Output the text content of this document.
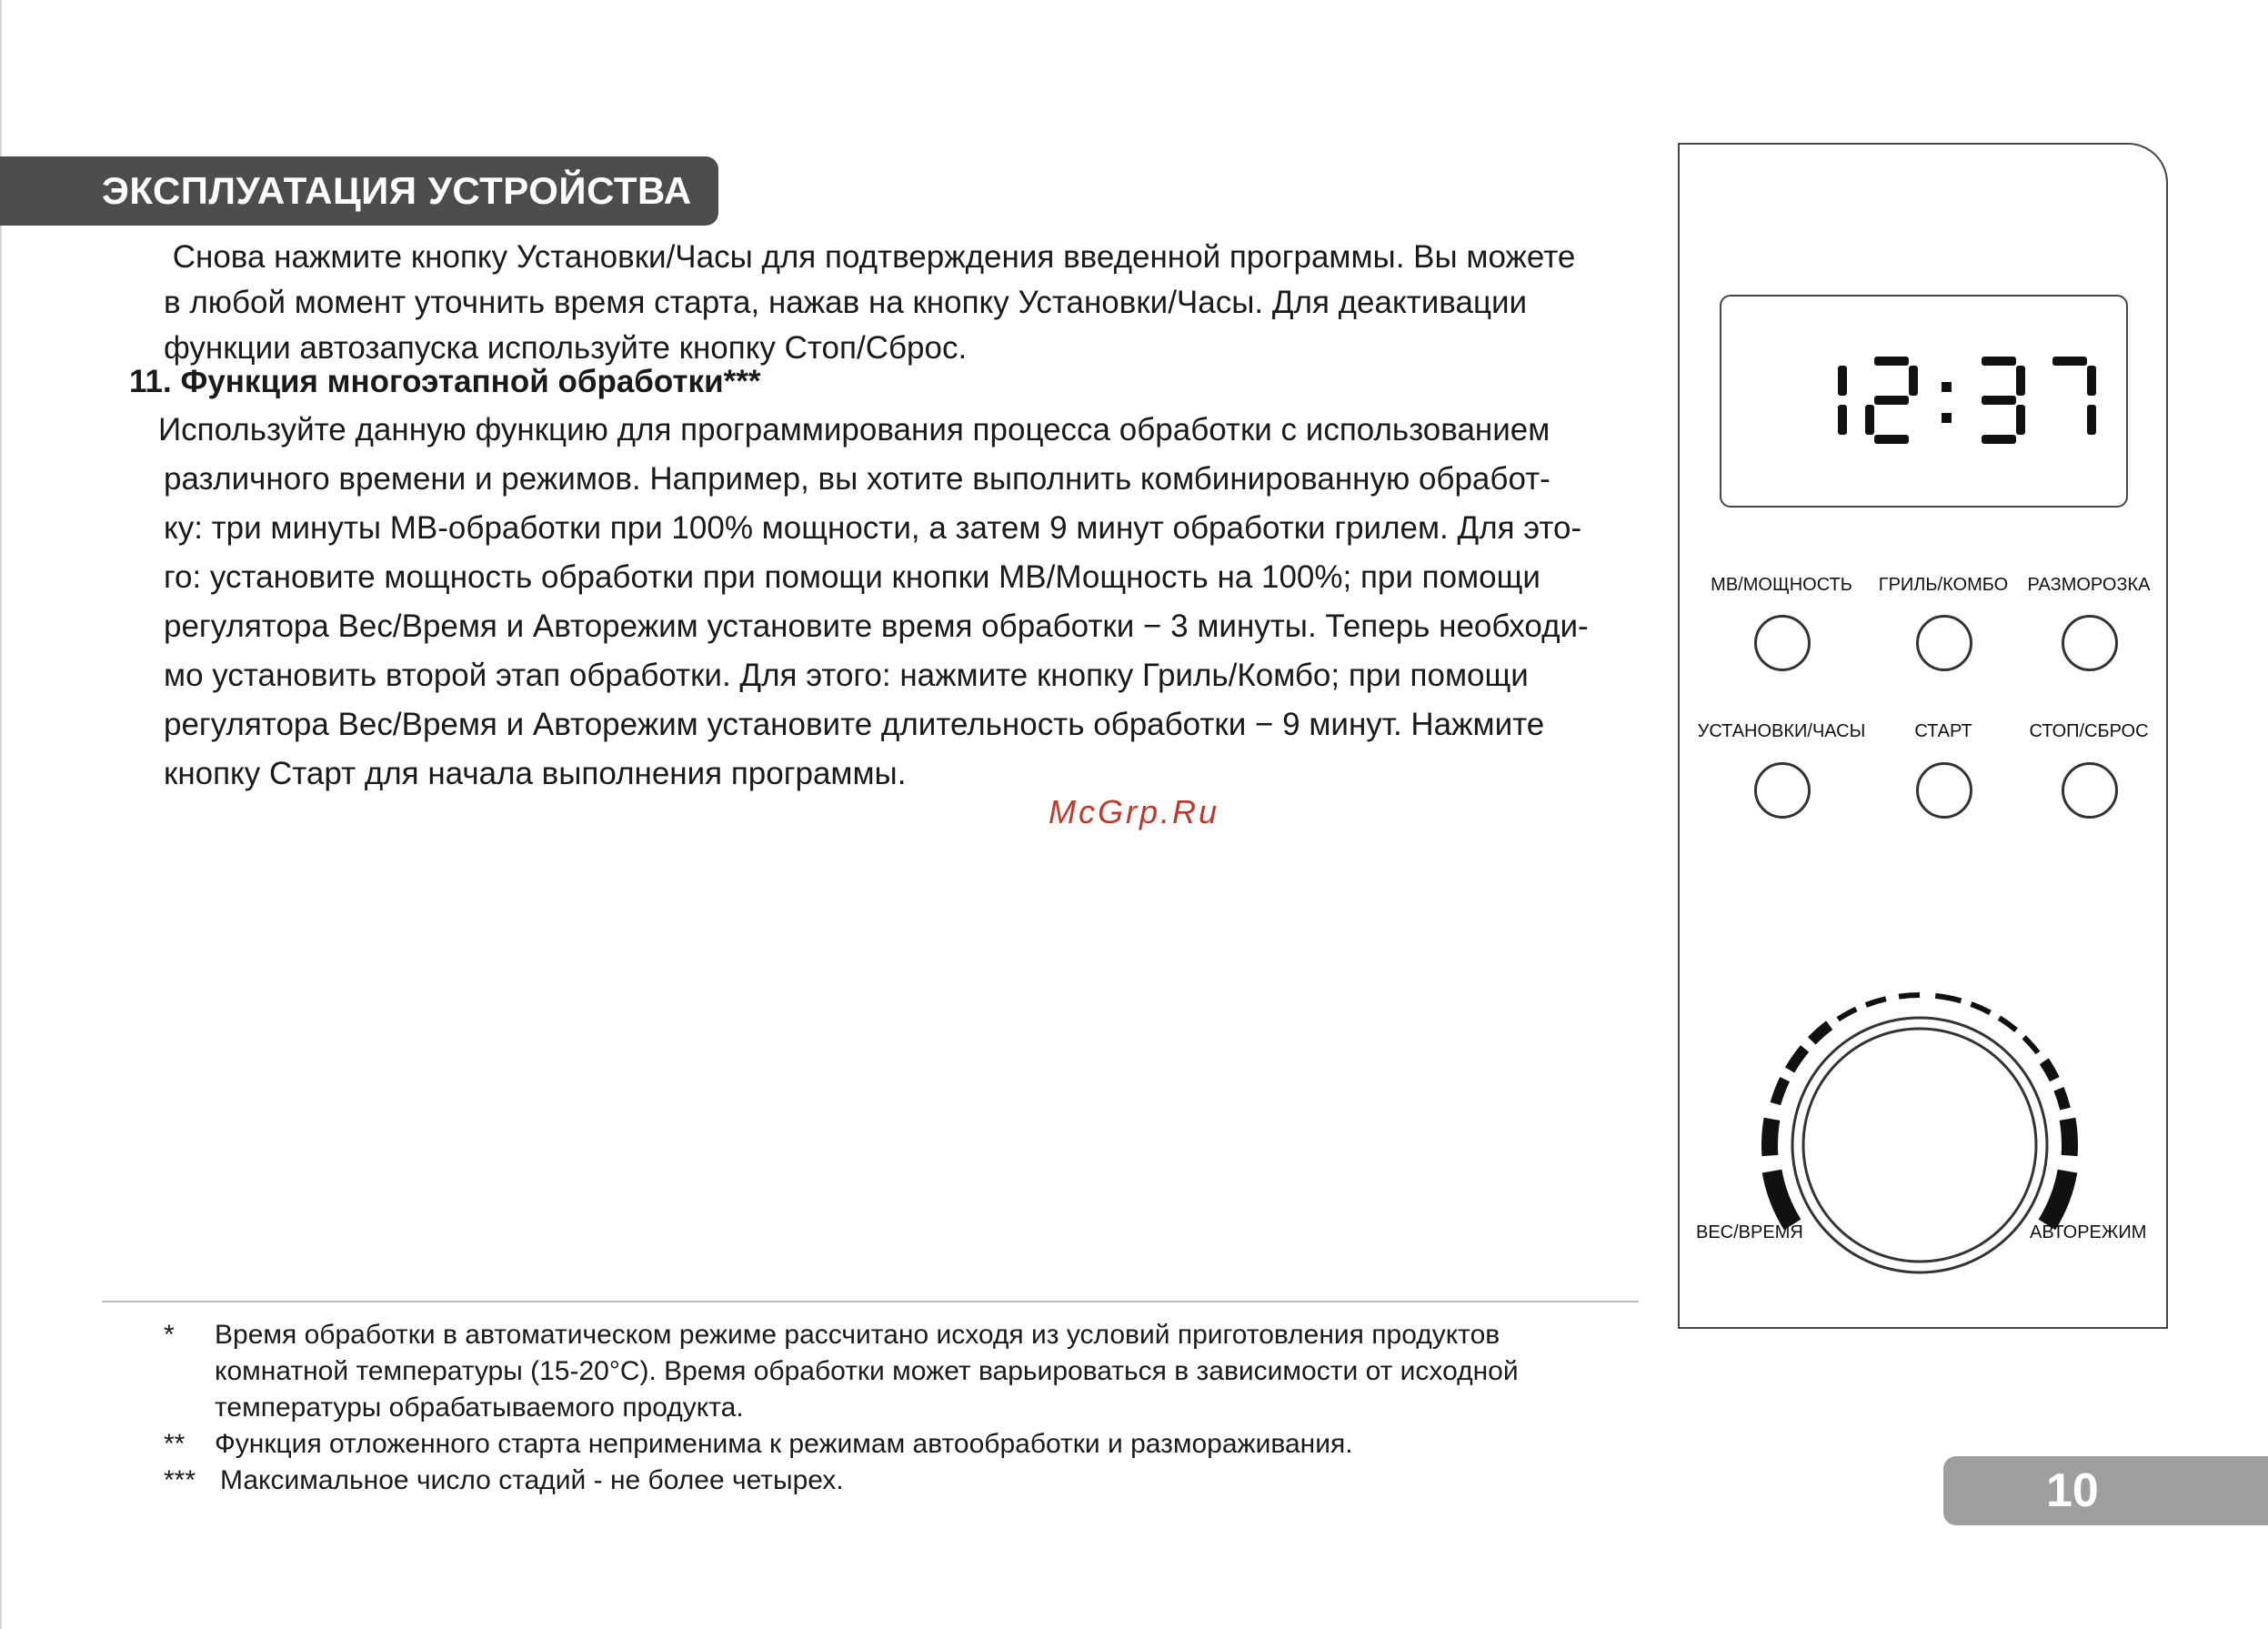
ЭКСПЛУАТАЦИЯ УСТРОЙСТВА

Снова нажмите кнопку Установки/Часы для подтверждения введенной программы. Вы можете

в любой момент уточнить время старта, нажав на кнопку Установки/Часы. Для деактивации

функции автозапуска используйте кнопку Стоп/Сброс.

11. Функция многоэтапной обработки***

Используйте данную функцию для программирования процесса обработки с использованием

различного времени и режимов. Например, вы хотите выполнить комбинированную обработ-

ку: три минуты МВ-обработки при 100% мощности, а затем 9 минут обработки грилем. Для это-

го: установите мощность обработки при помощи кнопки МВ/Мощность на 100%; при помощи

регулятора Вес/Время и Авторежим установите время обработки − 3 минуты. Теперь необходи-

мо установить второй этап обработки. Для этого: нажмите кнопку Гриль/Комбо; при помощи

регулятора Вес/Время и Авторежим установите длительность обработки − 9 минут. Нажмите

кнопку Старт для начала выполнения программы.

McGrp.Ru
*	Время обработки в автоматическом режиме рассчитано исходя из условий приготовления продуктов
комнатной температуры (15-20°С). Время обработки может варьироваться в зависимости от исходной
температуры обрабатываемого продукта.
**	Функция отложенного старта неприменима к режимам автообработки и размораживания.
*** Максимальное число стадий - не более четырех.
МВ/МОЩНОСТЬ	ГРИЛЬ/КОМБО	РАЗМОРОЗКА
УСТАНОВКИ/ЧАСЫ	СТАРТ	СТОП/СБРОС
ВЕС/ВРЕМЯ	АВТОРЕЖИМ
10
